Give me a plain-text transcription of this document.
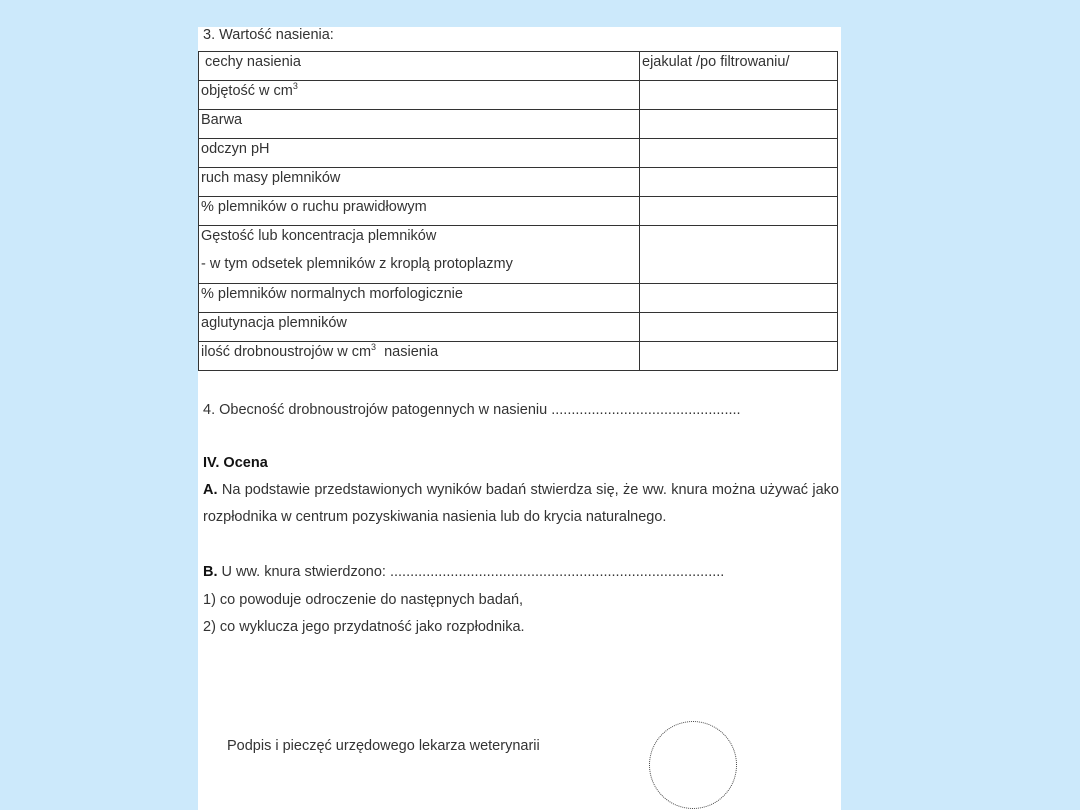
3. Wartość nasienia:
cechy nasienia	ejakulat /po filtrowaniu/
objętość w $cm^3$	
Barwa	
odczyn pH	
ruch masy plemników	
% plemników o ruchu prawidłowym	
Gęstość lub koncentracja plemników
- w tym odsetek plemników z kroplą protoplazmy	

% plemników normalnych morfologicznie	
aglutynacja plemników	
ilość drobnoustrojów w $cm^3$  nasienia	
4. Obecność drobnoustrojów patogennych w nasieniu ...............................................
IV. Ocena
A. Na podstawie przedstawionych wyników badań stwierdza się, że ww. knura można używać jako rozpłodnika w centrum pozyskiwania nasienia lub do krycia naturalnego.
B. U ww. knura stwierdzono: ...................................................................................
1) co powoduje odroczenie do następnych badań,
2) co wyklucza jego przydatność jako rozpłodnika.
Podpis i pieczęć urzędowego lekarza weterynarii
